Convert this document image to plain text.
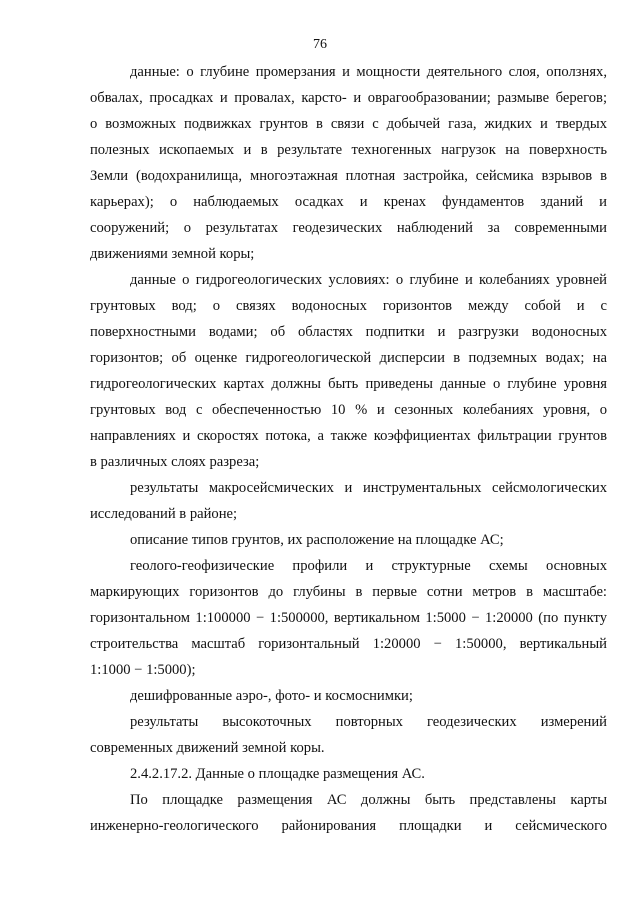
76
данные: о глубине промерзания и мощности деятельного слоя, оползнях,
обвалах, просадках и провалах, карсто- и оврагообразовании; размыве берегов;
о возможных подвижках грунтов в связи с добычей газа, жидких и твердых
полезных ископаемых и в результате техногенных нагрузок на поверхность
Земли (водохранилища, многоэтажная плотная застройка, сейсмика взрывов в
карьерах); о наблюдаемых осадках и кренах фундаментов зданий и
сооружений; о результатах геодезических наблюдений за современными
движениями земной коры;
данные о гидрогеологических условиях: о глубине и колебаниях уровней
грунтовых вод; о связях водоносных горизонтов между собой и с
поверхностными водами; об областях подпитки и разгрузки водоносных
горизонтов; об оценке гидрогеологической дисперсии в подземных водах; на
гидрогеологических картах должны быть приведены данные о глубине уровня
грунтовых вод с обеспеченностью 10 % и сезонных колебаниях уровня, о
направлениях и скоростях потока, а также коэффициентах фильтрации грунтов
в различных слоях разреза;
результаты макросейсмических и инструментальных сейсмологических
исследований в районе;
описание типов грунтов, их расположение на площадке АС;
геолого-геофизические профили и структурные схемы основных
маркирующих горизонтов до глубины в первые сотни метров в масштабе:
горизонтальном 1:100000 − 1:500000, вертикальном 1:5000 − 1:20000 (по пункту
строительства масштаб горизонтальный 1:20000 − 1:50000, вертикальный
1:1000 − 1:5000);
дешифрованные аэро-, фото- и космоснимки;
результаты высокоточных повторных геодезических измерений
современных движений земной коры.
2.4.2.17.2. Данные о площадке размещения АС.
По площадке размещения АС должны быть представлены карты
инженерно-геологического районирования площадки и сейсмического
